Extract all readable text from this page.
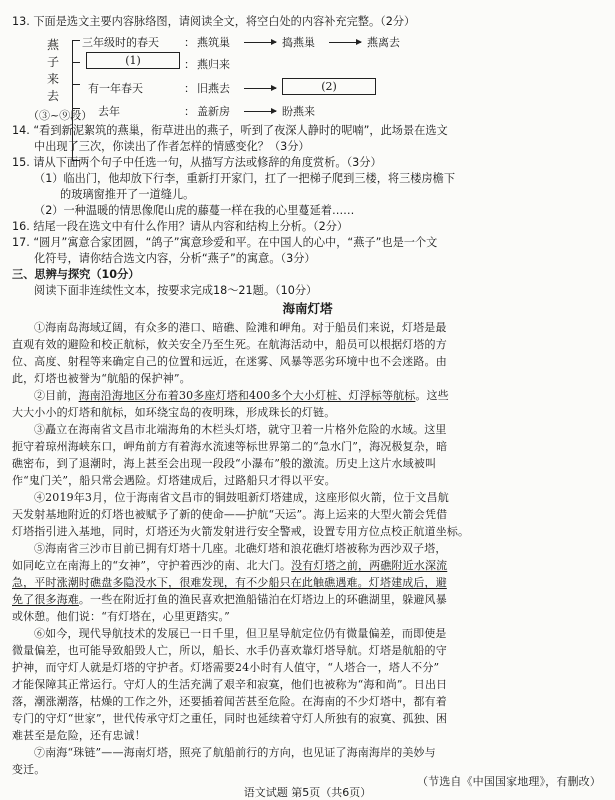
13. 下面是选文主要内容脉络图，请阅读全文，将空白处的内容补充完整。（2分）
燕
子
来
去
（③~⑨段）
三年级时的春天 ： 燕筑巢	捣燕巢	燕离去
(1)	： 燕归来
有一年春天	： 旧燕去	(2)
去年	： 盖新房	盼燕来
14. “看到新泥絮筑的燕巢，衔草进出的燕子，听到了夜深人静时的呢喃”，此场景在选文
中出现了三次，你读出了作者怎样的情感变化？（3分）
15. 请从下面两个句子中任选一句，从描写方法或修辞的角度赏析。（3分）
（1）临出门，他却放下行李，重新打开家门，扛了一把梯子爬到三楼，将三楼房檐下
的玻璃窗推开了一道缝儿。
（2）一种温暖的情思像爬山虎的藤蔓一样在我的心里蔓延着……
16. 结尾一段在选文中有什么作用？请从内容和结构上分析。（2分）
17. “圆月”寓意合家团圆，“鸽子”寓意珍爱和平。在中国人的心中，“燕子”也是一个文
化符号，请你结合选文内容，分析“燕子”的寓意。（3分）
三、思辨与探究（10分）
阅读下面非连续性文本，按要求完成18～21题。（10分）
海南灯塔
①海南岛海域辽阔，有众多的港口、暗礁、险滩和岬角。对于船员们来说，灯塔是最
直观有效的避险和校正航标，攸关安全乃至生死。在航海活动中，船员可以根据灯塔的方
位、高度、射程等来确定自己的位置和远近，在迷雾、风暴等恶劣环境中也不会迷路。由
此，灯塔也被誉为“航船的保护神”。
②目前，海南沿海地区分布着30多座灯塔和400多个大小灯桩、灯浮标等航标。这些
大大小小的灯塔和航标，如环绕宝岛的夜明珠，形成珠长的灯链。
③矗立在海南省文昌市北端海角的木栏头灯塔，就守卫着一片格外危险的水域。这里
扼守着琼州海峡东口，岬角前方有着海水流速等标世界第二的“急水门”，海况极复杂，暗
礁密布，到了退潮时，海上甚至会出现一段段“小瀑布”般的激流。历史上这片水域被叫
作“鬼门关”，船只常会遇险。灯塔建成后，过路船只才得以平安。
④2019年3月，位于海南省文昌市的铜鼓咀新灯塔建成，这座形似火箭，位于文昌航
天发射基地附近的灯塔也被赋予了新的使命——护航“天运”。海上运来的大型火箭会凭借
灯塔指引进入基地，同时，灯塔还为火箭发射进行安全警戒，设置专用方位点校正航道坐标。
⑤海南省三沙市目前已拥有灯塔十几座。北礁灯塔和浪花礁灯塔被称为西沙双子塔，
如同屹立在南海上的“女神”，守护着西沙的南、北大门。没有灯塔之前，两礁附近水深流
急，平时涨潮时礁盘多隐没水下，很难发现，有不少船只在此触礁遇难。灯塔建成后，避
免了很多海难。一些在附近打鱼的渔民喜欢把渔船锚泊在灯塔边上的环礁湖里，躲避风暴
或休憩。他们说：“有灯塔在，心里更踏实。”
⑥如今，现代导航技术的发展已一日千里，但卫星导航定位仍有微量偏差，而即使是
微量偏差，也可能导致船毁人亡，所以，船长、水手仍喜欢靠灯塔导航。灯塔是航船的守
护神，而守灯人就是灯塔的守护者。灯塔需要24小时有人值守，“人塔合一，塔人不分”
才能保障其正常运行。守灯人的生活充满了艰辛和寂寞，他们也被称为“海和尚”。日出日
落，潮涨潮落，枯燥的工作之外，还要插着闻苦甚至危险。在海南的不少灯塔中，都有着
专门的守灯“世家”，世代传承守灯之重任，同时也延续着守灯人所独有的寂寞、孤独、困
难甚至是危险，还有忠诚！
⑦南海“珠链”——海南灯塔，照亮了航船前行的方向，也见证了海南海岸的美妙与
变迁。
（节选自《中国国家地理》，有删改）
语文试题 第5页（共6页）
